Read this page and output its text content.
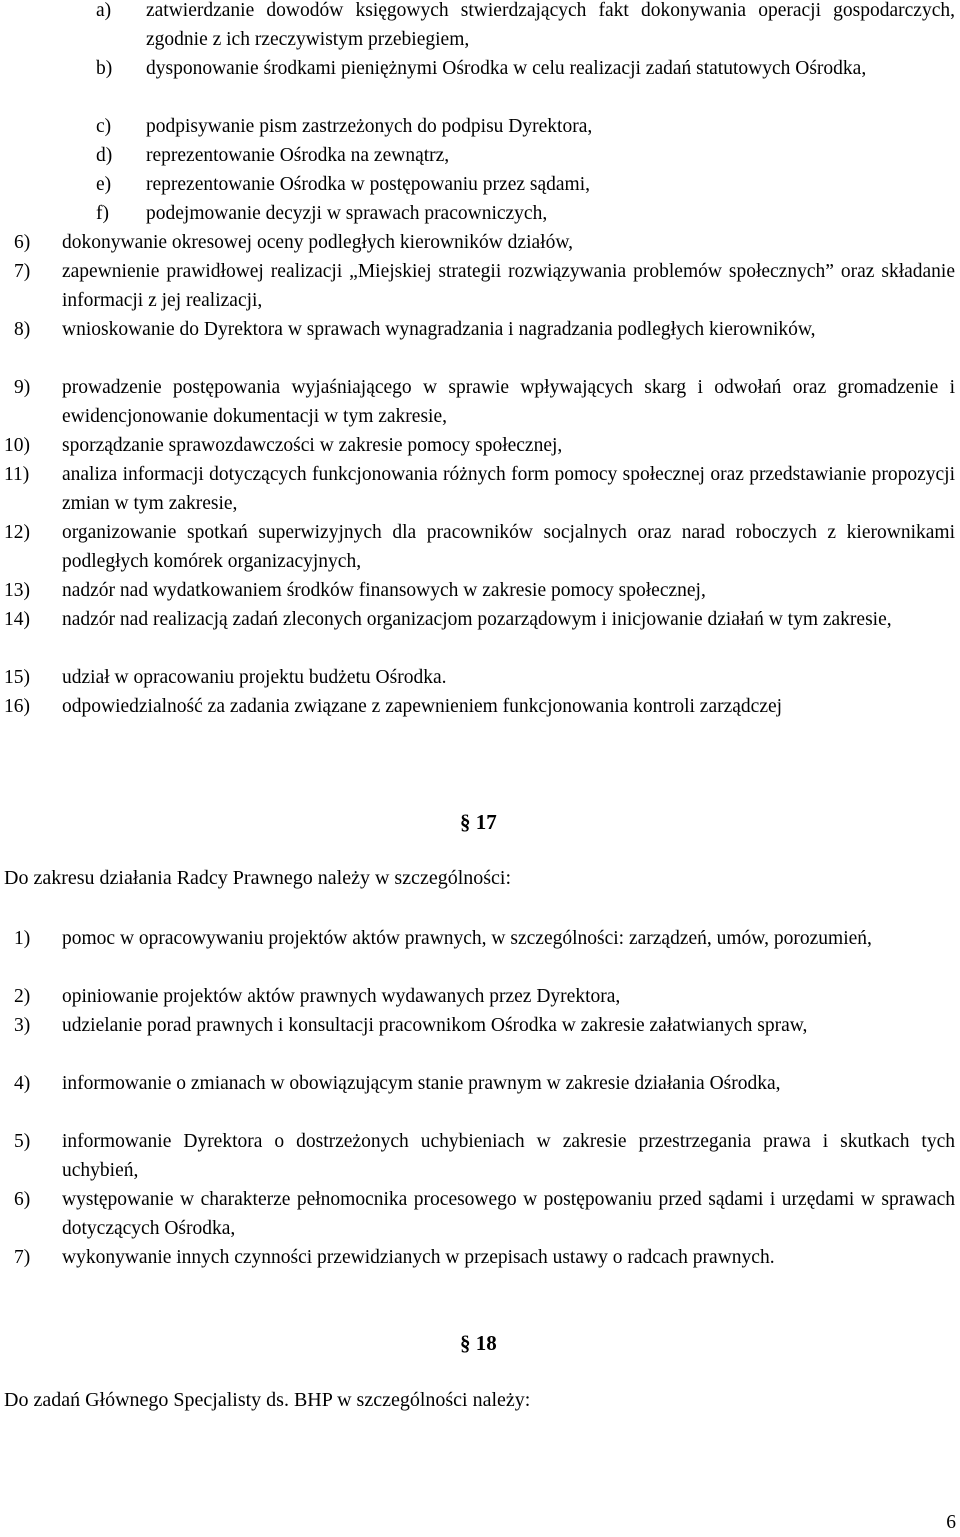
a) zatwierdzanie dowodów księgowych stwierdzających fakt dokonywania operacji gospodarczych, zgodnie z ich rzeczywistym przebiegiem,
b) dysponowanie środkami pieniężnymi Ośrodka w celu realizacji zadań statutowych Ośrodka,
c) podpisywanie pism zastrzeżonych do podpisu Dyrektora,
d) reprezentowanie Ośrodka na zewnątrz,
e) reprezentowanie Ośrodka w postępowaniu przez sądami,
f) podejmowanie decyzji w sprawach pracowniczych,
6) dokonywanie okresowej oceny podległych kierowników działów,
7) zapewnienie prawidłowej realizacji „Miejskiej strategii rozwiązywania problemów społecznych” oraz składanie informacji z jej realizacji,
8) wnioskowanie do Dyrektora w sprawach wynagradzania i nagradzania podległych kierowników,
9) prowadzenie postępowania wyjaśniającego w sprawie wpływających skarg i odwołań oraz gromadzenie i ewidencjonowanie dokumentacji w tym zakresie,
10) sporządzanie sprawozdawczości w zakresie pomocy społecznej,
11) analiza informacji dotyczących funkcjonowania różnych form pomocy społecznej oraz przedstawianie propozycji zmian w tym zakresie,
12) organizowanie spotkań superwizyjnych dla pracowników socjalnych oraz narad roboczych z kierownikami podległych komórek organizacyjnych,
13) nadzór nad wydatkowaniem środków finansowych w zakresie pomocy społecznej,
14) nadzór nad realizacją zadań zleconych organizacjom pozarządowym i inicjowanie działań w tym zakresie,
15) udział w opracowaniu projektu budżetu Ośrodka.
16) odpowiedzialność za zadania związane z zapewnieniem funkcjonowania kontroli zarządczej
§ 17
Do zakresu działania Radcy Prawnego należy w szczególności:
1) pomoc w opracowywaniu projektów aktów prawnych, w szczególności: zarządzeń, umów, porozumień,
2) opiniowanie projektów aktów prawnych wydawanych przez Dyrektora,
3) udzielanie porad prawnych i konsultacji pracownikom Ośrodka w zakresie załatwianych spraw,
4) informowanie o zmianach w obowiązującym stanie prawnym w zakresie działania Ośrodka,
5) informowanie Dyrektora o dostrzeżonych uchybieniach w zakresie przestrzegania prawa i skutkach tych uchybień,
6) występowanie w charakterze pełnomocnika procesowego w postępowaniu przed sądami i urzędami w sprawach dotyczących Ośrodka,
7) wykonywanie innych czynności przewidzianych w przepisach ustawy o radcach prawnych.
§ 18
Do zadań Głównego Specjalisty ds. BHP w szczególności należy:
6
